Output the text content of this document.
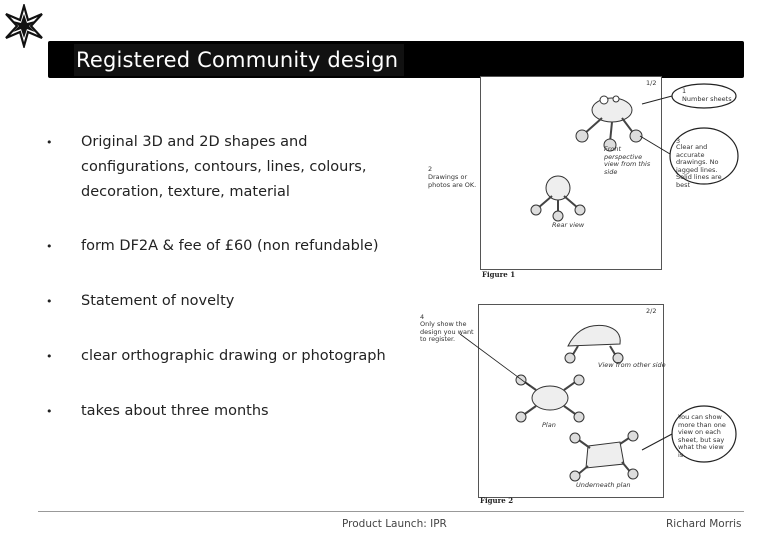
Registered Community design
• Original 3D and 2D shapes and configurations, contours, lines, colours, decoration, texture, material
• form DF2A & fee of £60 (non refundable)
• Statement of novelty
• clear orthographic drawing or photograph
• takes about three months
1/2
Front perspective view from this side
Rear view
1
Number sheets
2
Drawings or photos are OK.
3
Clear and accurate drawings. No jagged lines. Solid lines are best
Figure 1
2/2
View from other side
Plan
Underneath plan
4
Only show the design you want to register.
You can show more than one view on each sheet, but say what the view is.
Figure 2
Product Launch: IPR	Richard Morris
